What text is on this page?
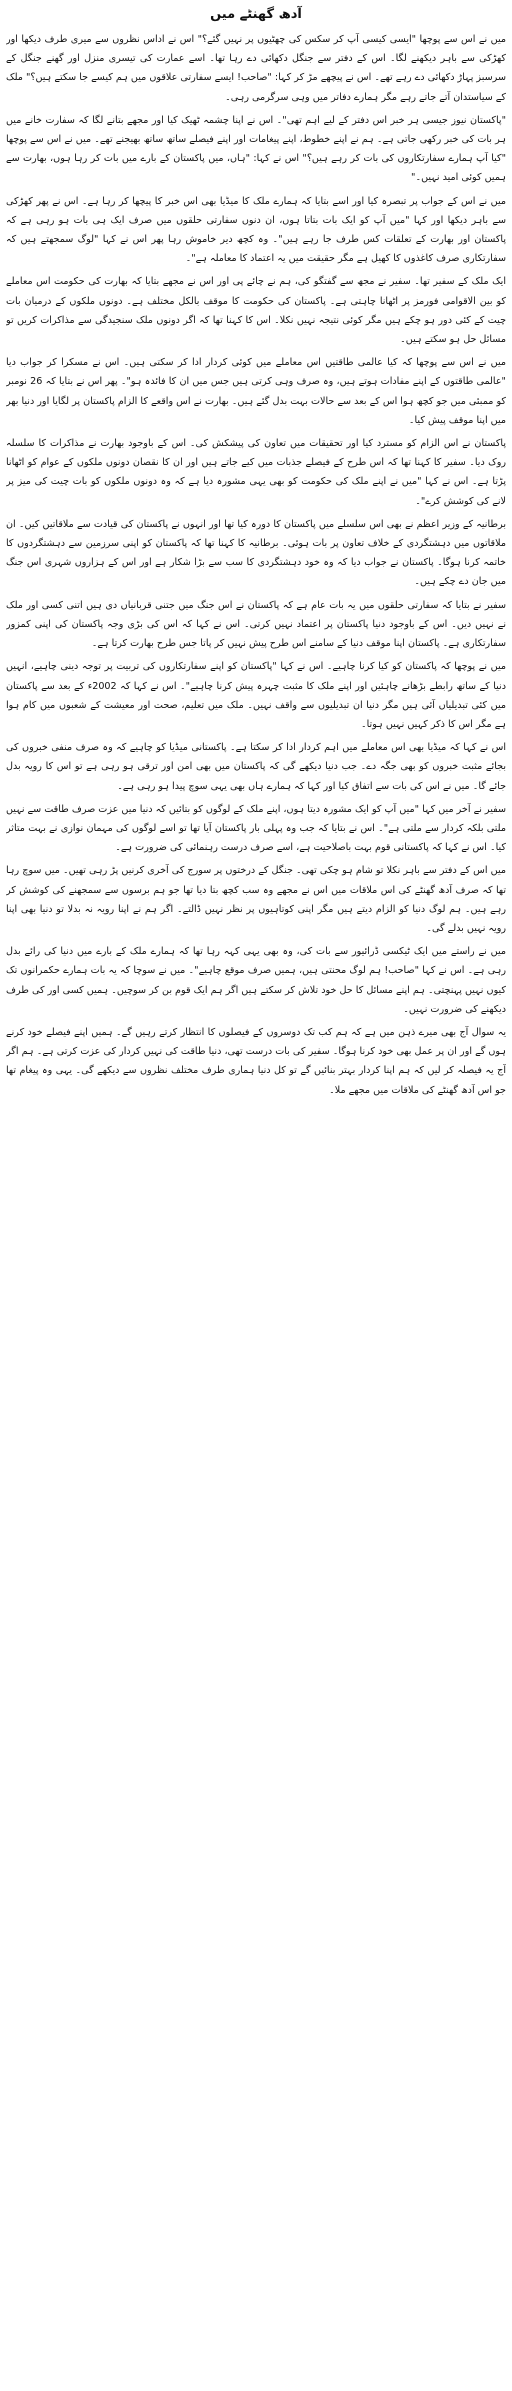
آدھ گھنٹے میں

میں نے اس سے پوچھا "ایسی کیسی آپ کر سکس کی چھٹیوں پر نہیں گئے؟" اس نے اداس نظروں سے میری طرف دیکھا اور کھڑکی سے باہر دیکھنے لگا۔ اس کے دفتر سے جنگل دکھائی دے رہا تھا۔ اسے عمارت کی تیسری منزل اور گھنے جنگل کے سرسبز پہاڑ دکھائی دے رہے تھے۔ اس نے پیچھے مڑ کر کہا: "صاحب! ایسے سفارتی علاقوں میں ہم کیسے جا سکتے ہیں؟" ملک کے سیاستدان آتے جاتے رہے مگر ہمارے دفاتر میں وہی سرگرمی رہی۔

"پاکستان نیوز جیسی ہر خبر اس دفتر کے لیے اہم تھی"۔ اس نے اپنا چشمہ ٹھیک کیا اور مجھے بتانے لگا کہ سفارت خانے میں ہر بات کی خبر رکھی جاتی ہے۔ ہم نے اپنے خطوط، اپنے پیغامات اور اپنے فیصلے ساتھ ساتھ بھیجنے تھے۔ میں نے اس سے پوچھا "کیا آپ ہمارے سفارتکاروں کی بات کر رہے ہیں؟" اس نے کہا: "ہاں، میں پاکستان کے بارے میں بات کر رہا ہوں، بھارت سے ہمیں کوئی امید نہیں۔"

میں نے اس کے جواب پر تبصرہ کیا اور اسے بتایا کہ ہمارے ملک کا میڈیا بھی اس خبر کا پیچھا کر رہا ہے۔ اس نے پھر کھڑکی سے باہر دیکھا اور کہا "میں آپ کو ایک بات بتاتا ہوں، ان دنوں سفارتی حلقوں میں صرف ایک ہی بات ہو رہی ہے کہ پاکستان اور بھارت کے تعلقات کس طرف جا رہے ہیں"۔ وہ کچھ دیر خاموش رہا پھر اس نے کہا "لوگ سمجھتے ہیں کہ سفارتکاری صرف کاغذوں کا کھیل ہے مگر حقیقت میں یہ اعتماد کا معاملہ ہے"۔

ایک ملک کے سفیر تھا۔ سفیر نے مجھ سے گفتگو کی، ہم نے چائے پی اور اس نے مجھے بتایا کہ بھارت کی حکومت اس معاملے کو بین الاقوامی فورمز پر اٹھانا چاہتی ہے۔ پاکستان کی حکومت کا موقف بالکل مختلف ہے۔ دونوں ملکوں کے درمیان بات چیت کے کئی دور ہو چکے ہیں مگر کوئی نتیجہ نہیں نکلا۔ اس کا کہنا تھا کہ اگر دونوں ملک سنجیدگی سے مذاکرات کریں تو مسائل حل ہو سکتے ہیں۔

میں نے اس سے پوچھا کہ کیا عالمی طاقتیں اس معاملے میں کوئی کردار ادا کر سکتی ہیں۔ اس نے مسکرا کر جواب دیا "عالمی طاقتوں کے اپنے مفادات ہوتے ہیں، وہ صرف وہی کرتی ہیں جس میں ان کا فائدہ ہو"۔ پھر اس نے بتایا کہ 26 نومبر کو ممبئی میں جو کچھ ہوا اس کے بعد سے حالات بہت بدل گئے ہیں۔ بھارت نے اس واقعے کا الزام پاکستان پر لگایا اور دنیا بھر میں اپنا موقف پیش کیا۔

پاکستان نے اس الزام کو مسترد کیا اور تحقیقات میں تعاون کی پیشکش کی۔ اس کے باوجود بھارت نے مذاکرات کا سلسلہ روک دیا۔ سفیر کا کہنا تھا کہ اس طرح کے فیصلے جذبات میں کیے جاتے ہیں اور ان کا نقصان دونوں ملکوں کے عوام کو اٹھانا پڑتا ہے۔ اس نے کہا "میں نے اپنے ملک کی حکومت کو بھی یہی مشورہ دیا ہے کہ وہ دونوں ملکوں کو بات چیت کی میز پر لانے کی کوشش کرے"۔

برطانیہ کے وزیر اعظم نے بھی اس سلسلے میں پاکستان کا دورہ کیا تھا اور انہوں نے پاکستان کی قیادت سے ملاقاتیں کیں۔ ان ملاقاتوں میں دہشتگردی کے خلاف تعاون پر بات ہوئی۔ برطانیہ کا کہنا تھا کہ پاکستان کو اپنی سرزمین سے دہشتگردوں کا خاتمہ کرنا ہوگا۔ پاکستان نے جواب دیا کہ وہ خود دہشتگردی کا سب سے بڑا شکار ہے اور اس کے ہزاروں شہری اس جنگ میں جان دے چکے ہیں۔

سفیر نے بتایا کہ سفارتی حلقوں میں یہ بات عام ہے کہ پاکستان نے اس جنگ میں جتنی قربانیاں دی ہیں اتنی کسی اور ملک نے نہیں دیں۔ اس کے باوجود دنیا پاکستان پر اعتماد نہیں کرتی۔ اس نے کہا کہ اس کی بڑی وجہ پاکستان کی اپنی کمزور سفارتکاری ہے۔ پاکستان اپنا موقف دنیا کے سامنے اس طرح پیش نہیں کر پاتا جس طرح بھارت کرتا ہے۔

میں نے پوچھا کہ پاکستان کو کیا کرنا چاہیے۔ اس نے کہا "پاکستان کو اپنے سفارتکاروں کی تربیت پر توجہ دینی چاہیے، انہیں دنیا کے ساتھ رابطے بڑھانے چاہئیں اور اپنے ملک کا مثبت چہرہ پیش کرنا چاہیے"۔ اس نے کہا کہ 2002ء کے بعد سے پاکستان میں کئی تبدیلیاں آئی ہیں مگر دنیا ان تبدیلیوں سے واقف نہیں۔ ملک میں تعلیم، صحت اور معیشت کے شعبوں میں کام ہوا ہے مگر اس کا ذکر کہیں نہیں ہوتا۔

اس نے کہا کہ میڈیا بھی اس معاملے میں اہم کردار ادا کر سکتا ہے۔ پاکستانی میڈیا کو چاہیے کہ وہ صرف منفی خبروں کی بجائے مثبت خبروں کو بھی جگہ دے۔ جب دنیا دیکھے گی کہ پاکستان میں بھی امن اور ترقی ہو رہی ہے تو اس کا رویہ بدل جائے گا۔ میں نے اس کی بات سے اتفاق کیا اور کہا کہ ہمارے ہاں بھی یہی سوچ پیدا ہو رہی ہے۔

سفیر نے آخر میں کہا "میں آپ کو ایک مشورہ دیتا ہوں، اپنے ملک کے لوگوں کو بتائیں کہ دنیا میں عزت صرف طاقت سے نہیں ملتی بلکہ کردار سے ملتی ہے"۔ اس نے بتایا کہ جب وہ پہلی بار پاکستان آیا تھا تو اسے لوگوں کی مہمان نوازی نے بہت متاثر کیا۔ اس نے کہا کہ پاکستانی قوم بہت باصلاحیت ہے، اسے صرف درست رہنمائی کی ضرورت ہے۔

میں اس کے دفتر سے باہر نکلا تو شام ہو چکی تھی۔ جنگل کے درختوں پر سورج کی آخری کرنیں پڑ رہی تھیں۔ میں سوچ رہا تھا کہ صرف آدھ گھنٹے کی اس ملاقات میں اس نے مجھے وہ سب کچھ بتا دیا تھا جو ہم برسوں سے سمجھنے کی کوشش کر رہے ہیں۔ ہم لوگ دنیا کو الزام دیتے ہیں مگر اپنی کوتاہیوں پر نظر نہیں ڈالتے۔ اگر ہم نے اپنا رویہ نہ بدلا تو دنیا بھی اپنا رویہ نہیں بدلے گی۔

میں نے راستے میں ایک ٹیکسی ڈرائیور سے بات کی، وہ بھی یہی کہہ رہا تھا کہ ہمارے ملک کے بارے میں دنیا کی رائے بدل رہی ہے۔ اس نے کہا "صاحب! ہم لوگ محنتی ہیں، ہمیں صرف موقع چاہیے"۔ میں نے سوچا کہ یہ بات ہمارے حکمرانوں تک کیوں نہیں پہنچتی۔ ہم اپنے مسائل کا حل خود تلاش کر سکتے ہیں اگر ہم ایک قوم بن کر سوچیں۔ ہمیں کسی اور کی طرف دیکھنے کی ضرورت نہیں۔

یہ سوال آج بھی میرے ذہن میں ہے کہ ہم کب تک دوسروں کے فیصلوں کا انتظار کرتے رہیں گے۔ ہمیں اپنے فیصلے خود کرنے ہوں گے اور ان پر عمل بھی خود کرنا ہوگا۔ سفیر کی بات درست تھی، دنیا طاقت کی نہیں کردار کی عزت کرتی ہے۔ ہم اگر آج یہ فیصلہ کر لیں کہ ہم اپنا کردار بہتر بنائیں گے تو کل دنیا ہماری طرف مختلف نظروں سے دیکھے گی۔ یہی وہ پیغام تھا جو اس آدھ گھنٹے کی ملاقات میں مجھے ملا۔
